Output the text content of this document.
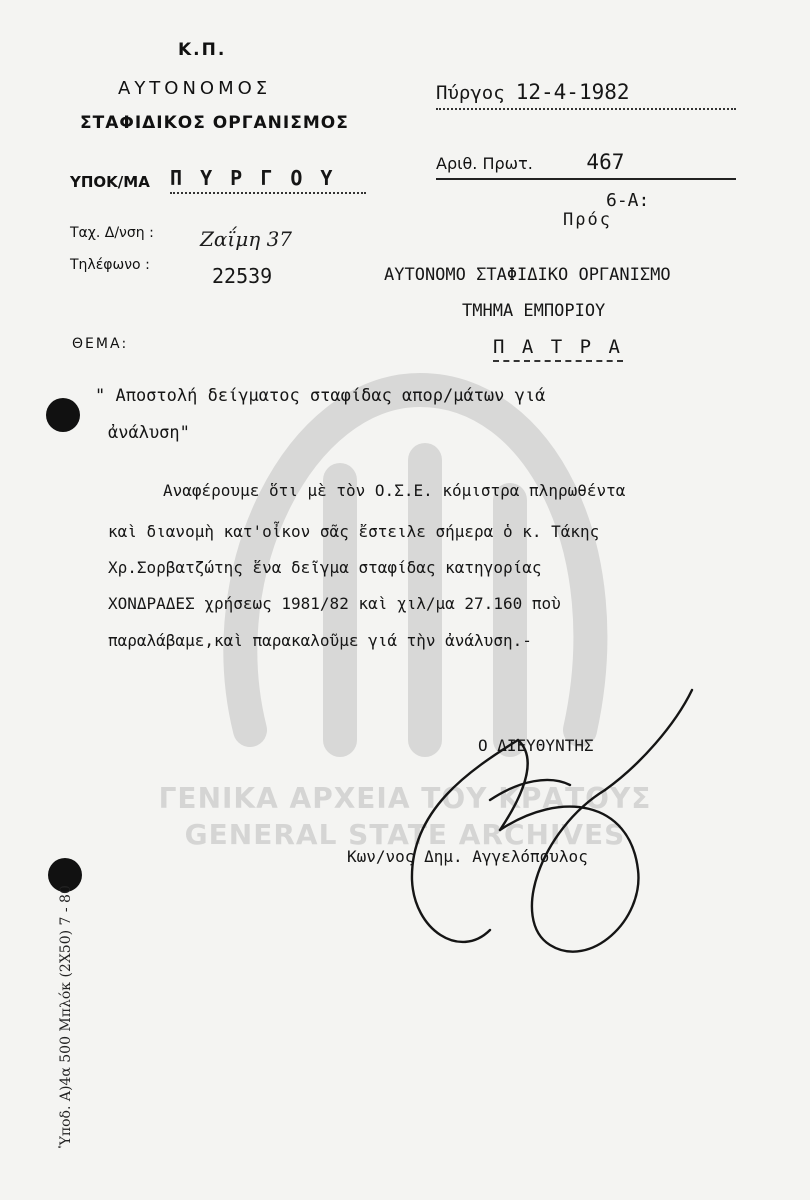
ΓΕΝΙΚΑ ΑΡΧΕΙΑ ΤΟΥ ΚΡΑΤΟΥΣ
GENERAL STATE ARCHIVES
Κ.Π.
ΑΥΤΟΝΟΜΟΣ
ΣΤΑΦΙΔΙΚΟΣ ΟΡΓΑΝΙΣΜΟΣ
ΥΠΟΚ/ΜΑ Π Υ Ρ Γ Ο Υ
Ταχ. Δ/νση : Ζαΐμη 37
Τηλέφωνο :	22539
Πύργος 12-4-1982
Αριθ. Πρωτ.	467
6-Α:
Πρός
ΑΥΤΟΝΟΜΟ ΣΤΑΦΙΔΙΚΟ ΟΡΓΑΝΙΣΜΟ
ΤΜΗΜΑ ΕΜΠΟΡΙΟΥ
Π Α Τ Ρ Α
ΘΕΜΑ:
" Αποστολή δείγματος σταφίδας απορ/μάτων γιά
ἀνάλυση"
Αναφέρουμε ὅτι μὲ τὸν Ο.Σ.Ε. κόμιστρα πληρωθέντα
καὶ διανομὴ κατ'οἶκον σᾶς ἔστειλε σήμερα ὁ κ. Τάκης
Χρ.Σορβατζώτης ἕνα δεῖγμα σταφίδας κατηγορίας
ΧΟΝΔΡΑΔΕΣ χρήσεως 1981/82 καὶ χιλ/μα 27.160 ποὺ
παραλάβαμε,καὶ παρακαλοῦμε γιά τὴν ἀνάλυση.-
Ο ΔΙΕΥΘΥΝΤΗΣ
Κων/νος Δημ. Αγγελόπουλος
Ὑποδ. Α)4α 500 Μπλόκ (2Χ50) 7 - 80
